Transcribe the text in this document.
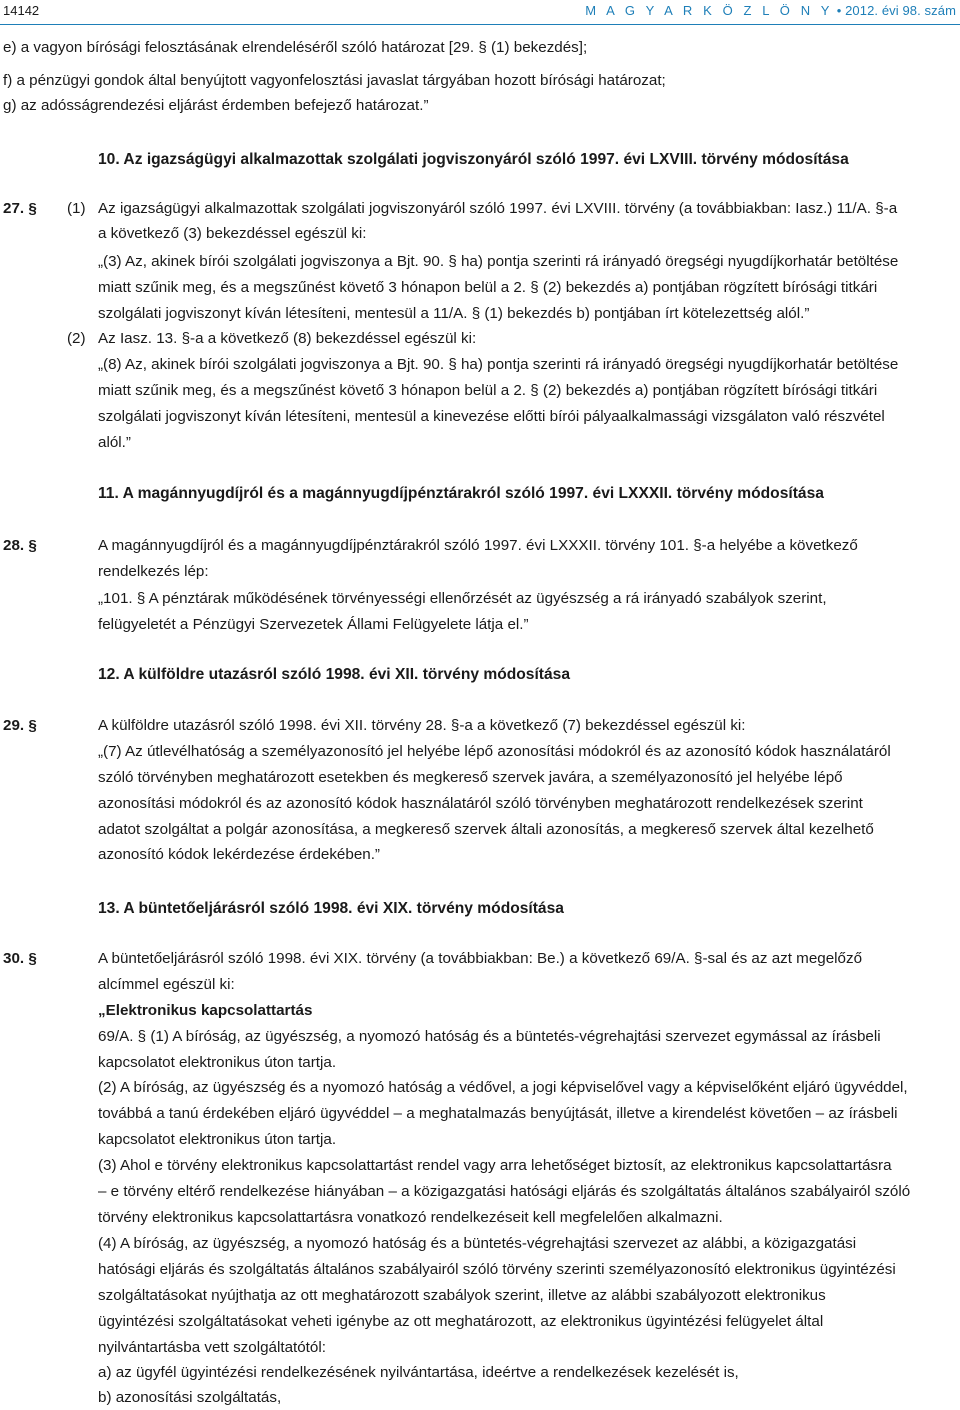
14142	M A G Y A R K Ö Z L Ö N Y • 2012. évi 98. szám
e) a vagyon bírósági felosztásának elrendeléséről szóló határozat [29. § (1) bekezdés];
f) a pénzügyi gondok által benyújtott vagyonfelosztási javaslat tárgyában hozott bírósági határozat;
g) az adósságrendezési eljárást érdemben befejező határozat.”
10. Az igazságügyi alkalmazottak szolgálati jogviszonyáról szóló 1997. évi LXVIII. törvény módosítása
27. § (1) Az igazságügyi alkalmazottak szolgálati jogviszonyáról szóló 1997. évi LXVIII. törvény (a továbbiakban: Iasz.) 11/A. §-a
a következő (3) bekezdéssel egészül ki:
„(3) Az, akinek bírói szolgálati jogviszonya a Bjt. 90. § ha) pontja szerinti rá irányadó öregségi nyugdíjkorhatár betöltése
miatt szűnik meg, és a megszűnést követő 3 hónapon belül a 2. § (2) bekezdés a) pontjában rögzített bírósági titkári
szolgálati jogviszonyt kíván létesíteni, mentesül a 11/A. § (1) bekezdés b) pontjában írt kötelezettség alól.”
(2) Az Iasz. 13. §-a a következő (8) bekezdéssel egészül ki:
„(8) Az, akinek bírói szolgálati jogviszonya a Bjt. 90. § ha) pontja szerinti rá irányadó öregségi nyugdíjkorhatár betöltése
miatt szűnik meg, és a megszűnést követő 3 hónapon belül a 2. § (2) bekezdés a) pontjában rögzített bírósági titkári
szolgálati jogviszonyt kíván létesíteni, mentesül a kinevezése előtti bírói pályaalkalmassági vizsgálaton való részvétel
alól.”
11. A magánnyugdíjról és a magánnyugdíjpénztárakról szóló 1997. évi LXXXII. törvény módosítása
28. §	A magánnyugdíjról és a magánnyugdíjpénztárakról szóló 1997. évi LXXXII. törvény 101. §-a helyébe a következő
rendelkezés lép:
„101. § A pénztárak működésének törvényességi ellenőrzését az ügyészség a rá irányadó szabályok szerint,
felügyeletét a Pénzügyi Szervezetek Állami Felügyelete látja el.”
12. A külföldre utazásról szóló 1998. évi XII. törvény módosítása
29. §	A külföldre utazásról szóló 1998. évi XII. törvény 28. §-a a következő (7) bekezdéssel egészül ki:
„(7) Az útlevélhatóság a személyazonosító jel helyébe lépő azonosítási módokról és az azonosító kódok használatáról
szóló törvényben meghatározott esetekben és megkereső szervek javára, a személyazonosító jel helyébe lépő
azonosítási módokról és az azonosító kódok használatáról szóló törvényben meghatározott rendelkezések szerint
adatot szolgáltat a polgár azonosítása, a megkereső szervek általi azonosítás, a megkereső szervek által kezelhető
azonosító kódok lekérdezése érdekében.”
13. A büntetőeljárásról szóló 1998. évi XIX. törvény módosítása
30. §	A büntetőeljárásról szóló 1998. évi XIX. törvény (a továbbiakban: Be.) a következő 69/A. §-sal és az azt megelőző
alcímmel egészül ki:
„Elektronikus kapcsolattartás
69/A. § (1) A bíróság, az ügyészség, a nyomozó hatóság és a büntetés-végrehajtási szervezet egymással az írásbeli
kapcsolatot elektronikus úton tartja.
(2) A bíróság, az ügyészség és a nyomozó hatóság a védővel, a jogi képviselővel vagy a képviselőként eljáró ügyvéddel,
továbbá a tanú érdekében eljáró ügyvéddel – a meghatalmazás benyújtását, illetve a kirendelést követően – az írásbeli
kapcsolatot elektronikus úton tartja.
(3) Ahol e törvény elektronikus kapcsolattartást rendel vagy arra lehetőséget biztosít, az elektronikus kapcsolattartásra
– e törvény eltérő rendelkezése hiányában – a közigazgatási hatósági eljárás és szolgáltatás általános szabályairól szóló
törvény elektronikus kapcsolattartásra vonatkozó rendelkezéseit kell megfelelően alkalmazni.
(4) A bíróság, az ügyészség, a nyomozó hatóság és a büntetés-végrehajtási szervezet az alábbi, a közigazgatási
hatósági eljárás és szolgáltatás általános szabályairól szóló törvény szerinti személyazonosító elektronikus ügyintézési
szolgáltatásokat nyújthatja az ott meghatározott szabályok szerint, illetve az alábbi szabályozott elektronikus
ügyintézési szolgáltatásokat veheti igénybe az ott meghatározott, az elektronikus ügyintézési felügyelet által
nyilvántartásba vett szolgáltatótól:
a) az ügyfél ügyintézési rendelkezésének nyilvántartása, ideértve a rendelkezések kezelését is,
b) azonosítási szolgáltatás,
